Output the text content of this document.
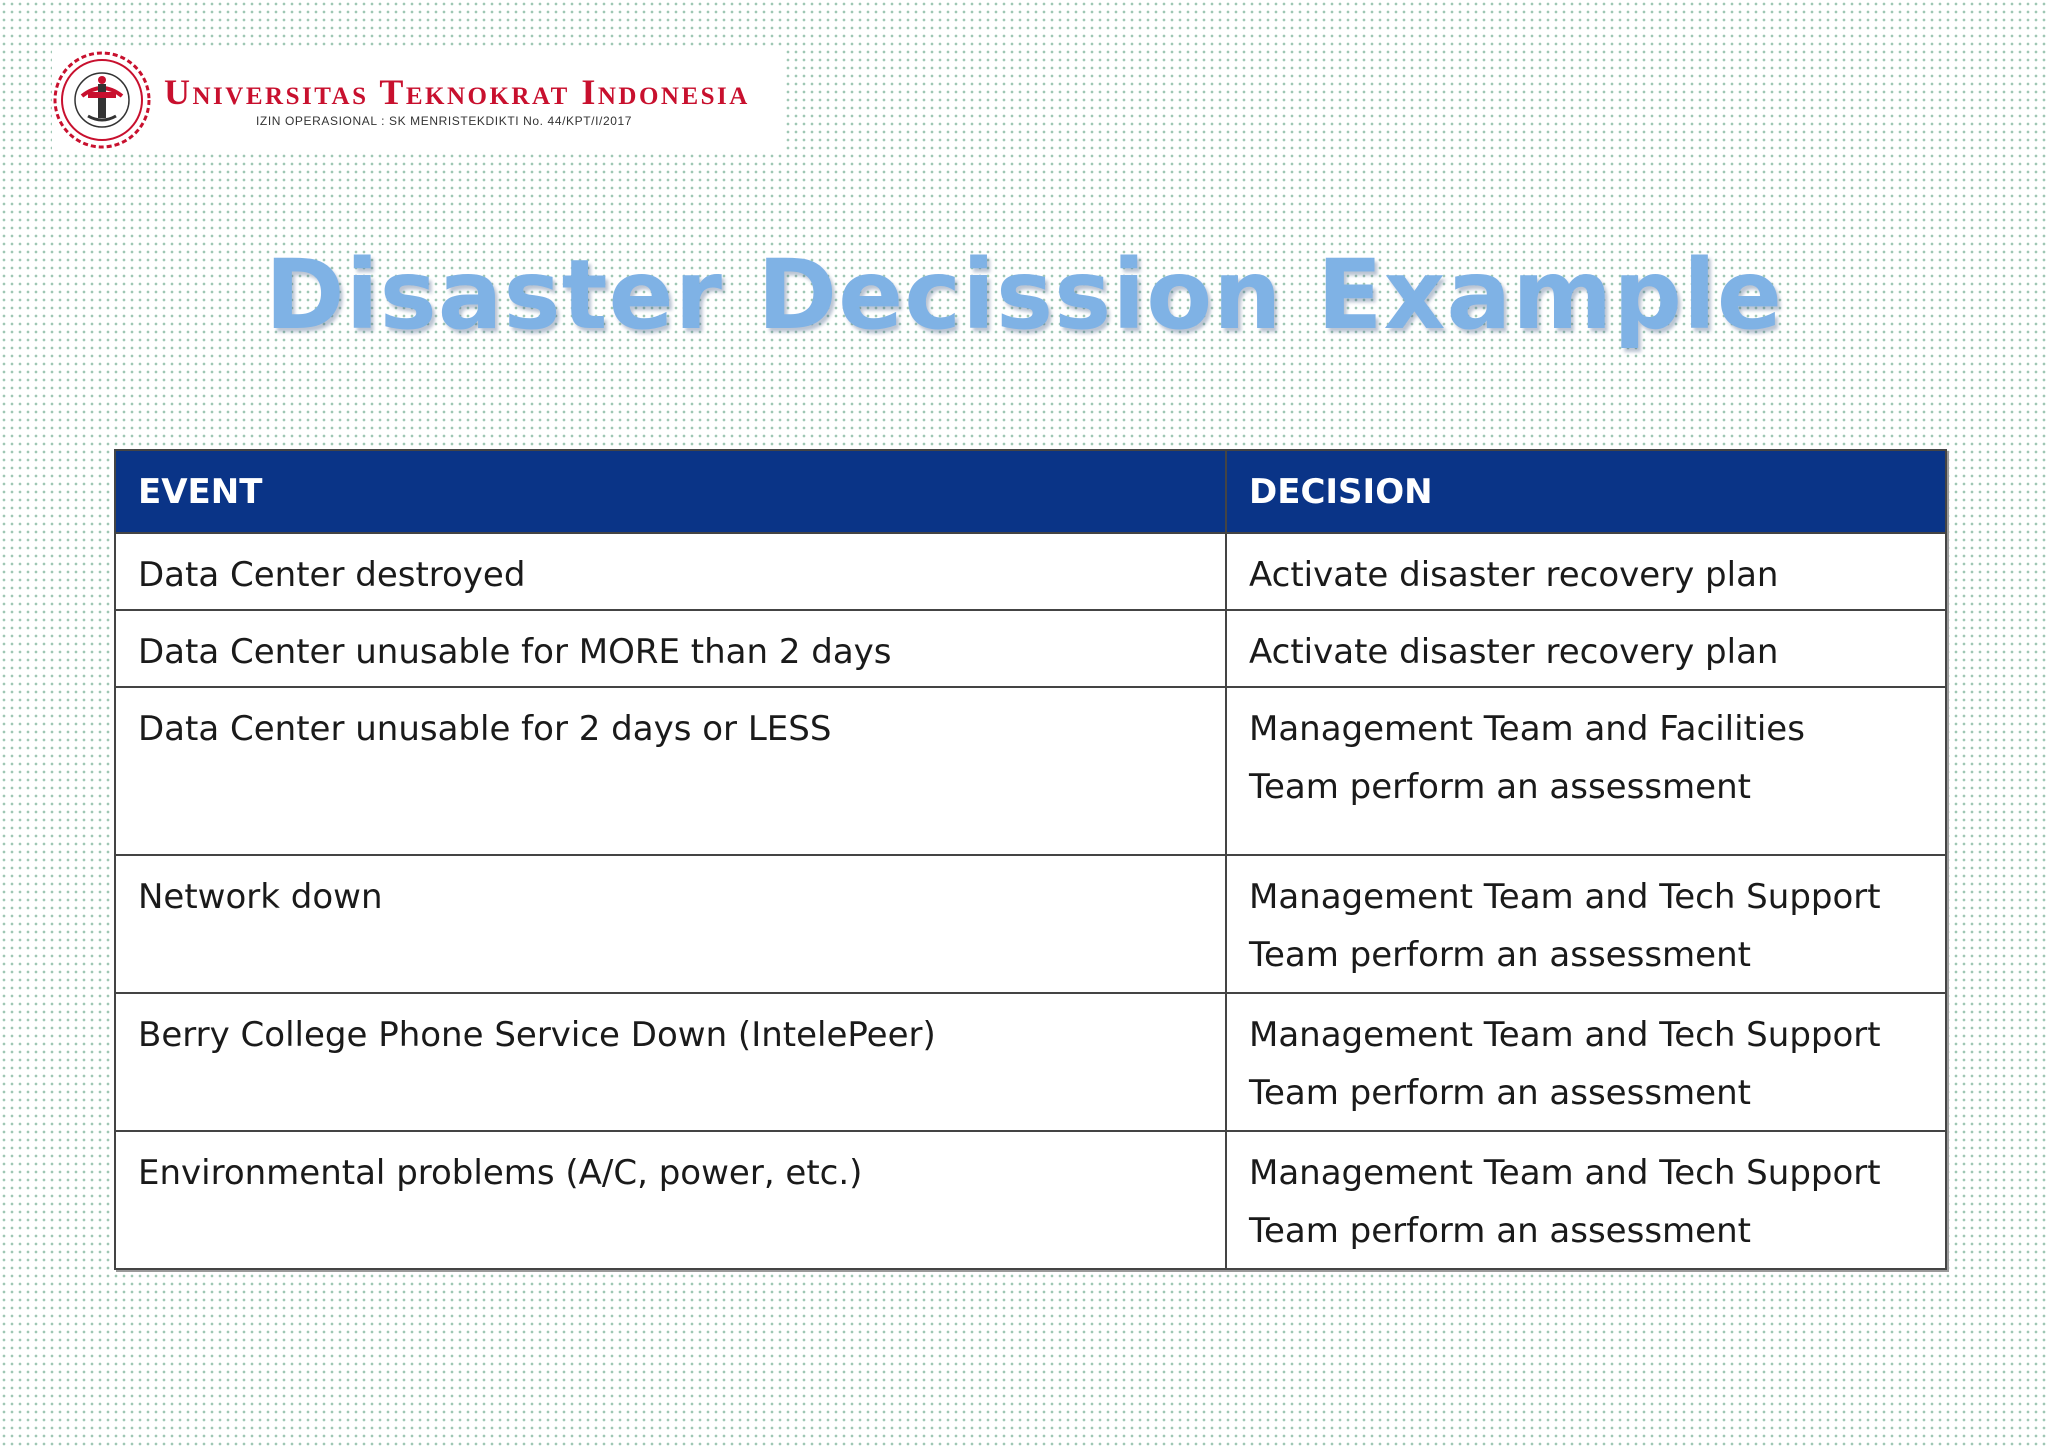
Universitas Teknokrat Indonesia
IZIN OPERASIONAL : SK MENRISTEKDIKTI No. 44/KPT/I/2017
Disaster Decission Example
EVENT	DECISION
Data Center destroyed	Activate disaster recovery plan

Data Center unusable for MORE than 2 days	Activate disaster recovery plan

Data Center unusable for 2 days or LESS	Management Team and Facilities
Team perform an assessment

Network down	Management Team and Tech Support
Team perform an assessment

Berry College Phone Service Down (IntelePeer)	Management Team and Tech Support
Team perform an assessment

Environmental problems (A/C, power, etc.)	Management Team and Tech Support
Team perform an assessment
